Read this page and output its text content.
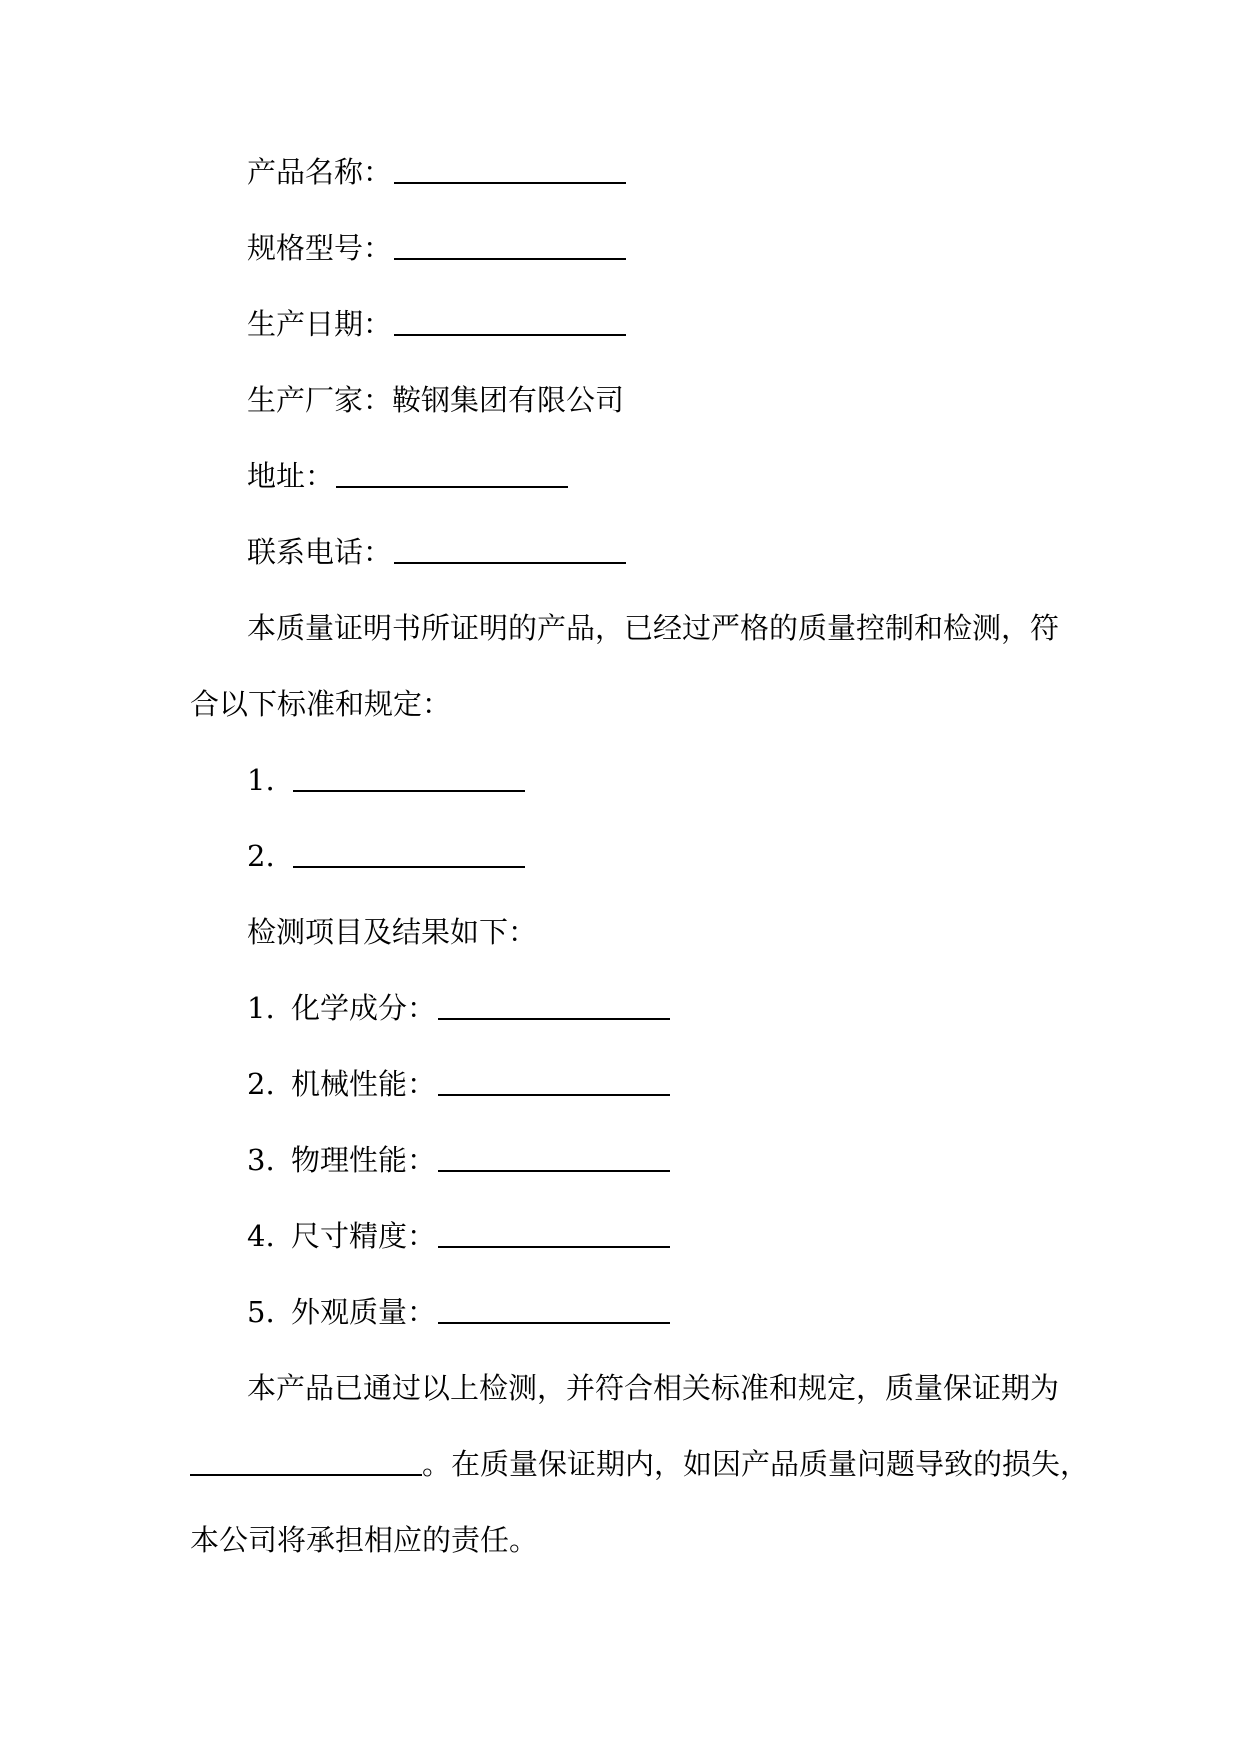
产品名称：
规格型号：
生产日期：
生产厂家：鞍钢集团有限公司
地址：
联系电话：
本质量证明书所证明的产品，已经过严格的质量控制和检测，符
合以下标准和规定：
1.
2.
检测项目及结果如下：
1. 化学成分：
2. 机械性能：
3. 物理性能：
4. 尺寸精度：
5. 外观质量：
本产品已通过以上检测，并符合相关标准和规定，质量保证期为
。在质量保证期内，如因产品质量问题导致的损失，
本公司将承担相应的责任。
